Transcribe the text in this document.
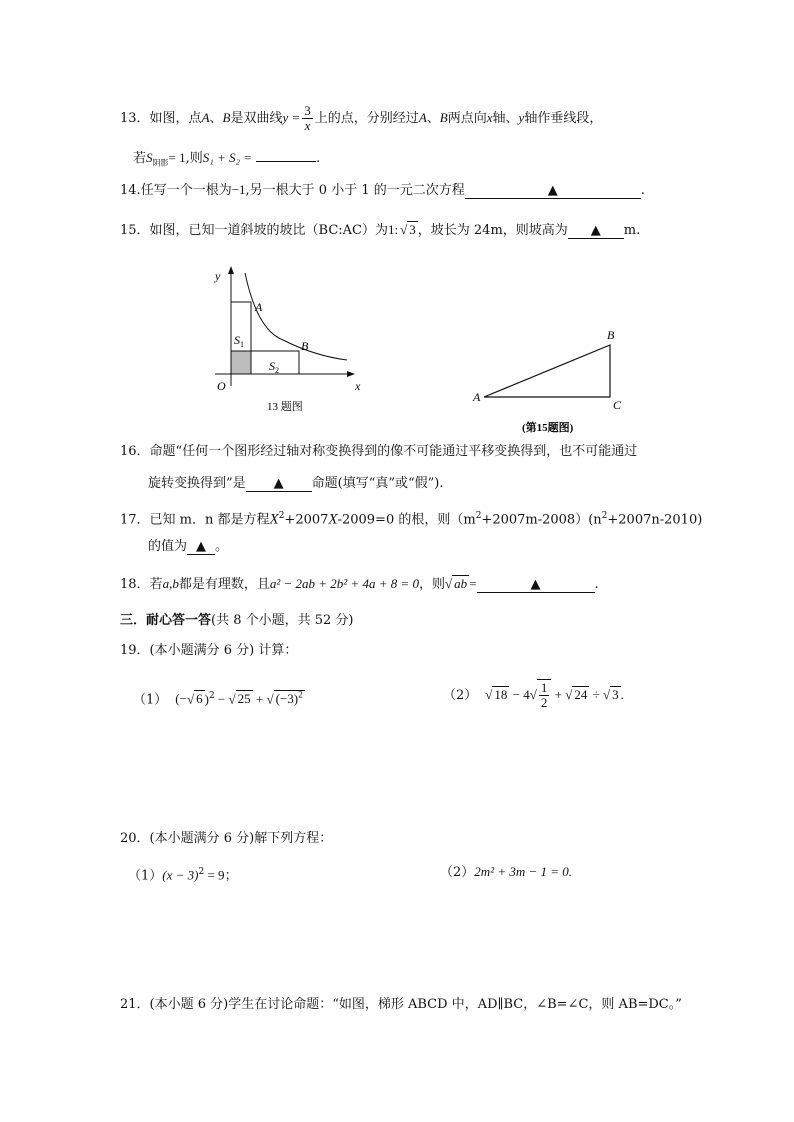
13．如图，点A、B是双曲线$y = \frac{3}{x}$ 上的点，分别经过A、B两点向x轴、y轴作垂线段，
若$S_{阴影}= 1$,则S₁ + S₂ =	.
14.任写一个一根为−1,另一根大于 0 小于 1 的一元二次方程	▲	.
15．如图，已知一道斜坡的坡比（BC:AC）为1: √ 3 ，坡长为 24m，则坡高为 ▲ m.
y
x
O
A
B
$S_1$
$S_2$
13 题图
A
B
C
(第15题图)
16．命题“任何一个图形经过轴对称变换得到的像不可能通过平移变换得到，也不可能通过
旋转变换得到”是 ▲ 命题(填写“真”或“假”).
17．已知 m．n 都是方程$X^2+2007X-2009=0$ 的根，则$(m^2+2007m-2008)(n^2+2007n-2010)$
的值为 ▲ 。
18．若a,b都是有理数，且a² − 2ab + 2b² + 4a + 8 = 0，则√ ab =	▲	.
三．耐心答一答(共 8 个小题，共 52 分)
19．(本小题满分 6 分) 计算：
（1） (−√ 6 )$^2$ − √ 25 + √ $(-3)^2$	（2） √ $18 - 4√ \frac{1}{2}$ + √ 24 ÷ √ 3 .
20．(本小题满分 6 分)解下列方程：
$(1)(x - 3)^2 = 9$；	（2）2m² + 3m − 1 = 0.
21．(本小题 6 分)学生在讨论命题：“如图，梯形 ABCD 中，AD∥BC，∠B=∠C，则 AB=DC。”
